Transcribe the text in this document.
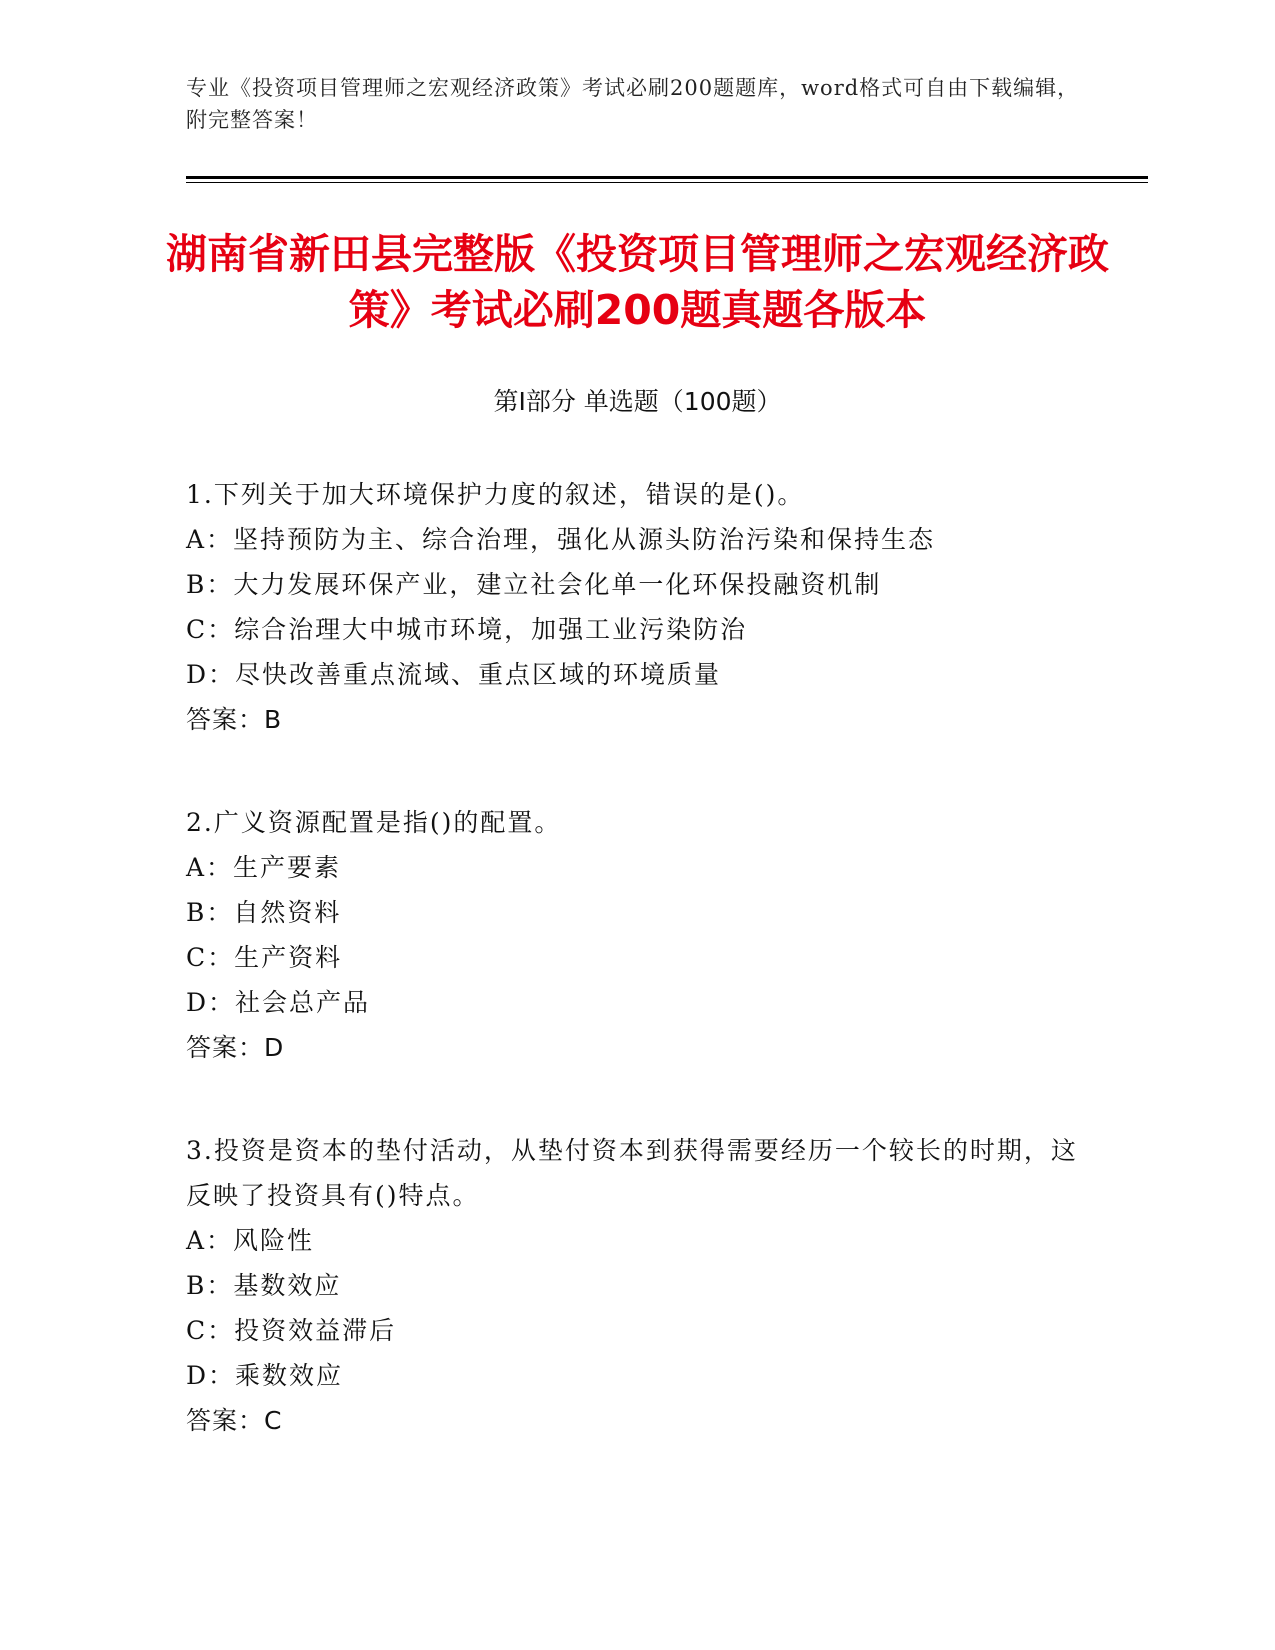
专业《投资项目管理师之宏观经济政策》考试必刷200题题库，word格式可自由下载编辑，附完整答案！
湖南省新田县完整版《投资项目管理师之宏观经济政策》考试必刷200题真题各版本
第Ⅰ部分 单选题（100题）

1.下列关于加大环境保护力度的叙述，错误的是()。

A：坚持预防为主、综合治理，强化从源头防治污染和保持生态

B：大力发展环保产业，建立社会化单一化环保投融资机制

C：综合治理大中城市环境，加强工业污染防治

D：尽快改善重点流域、重点区域的环境质量

答案：B

2.广义资源配置是指()的配置。

A：生产要素

B：自然资料

C：生产资料

D：社会总产品

答案：D

3.投资是资本的垫付活动，从垫付资本到获得需要经历一个较长的时期，这反映了投资具有()特点。

A：风险性

B：基数效应

C：投资效益滞后

D：乘数效应

答案：C
